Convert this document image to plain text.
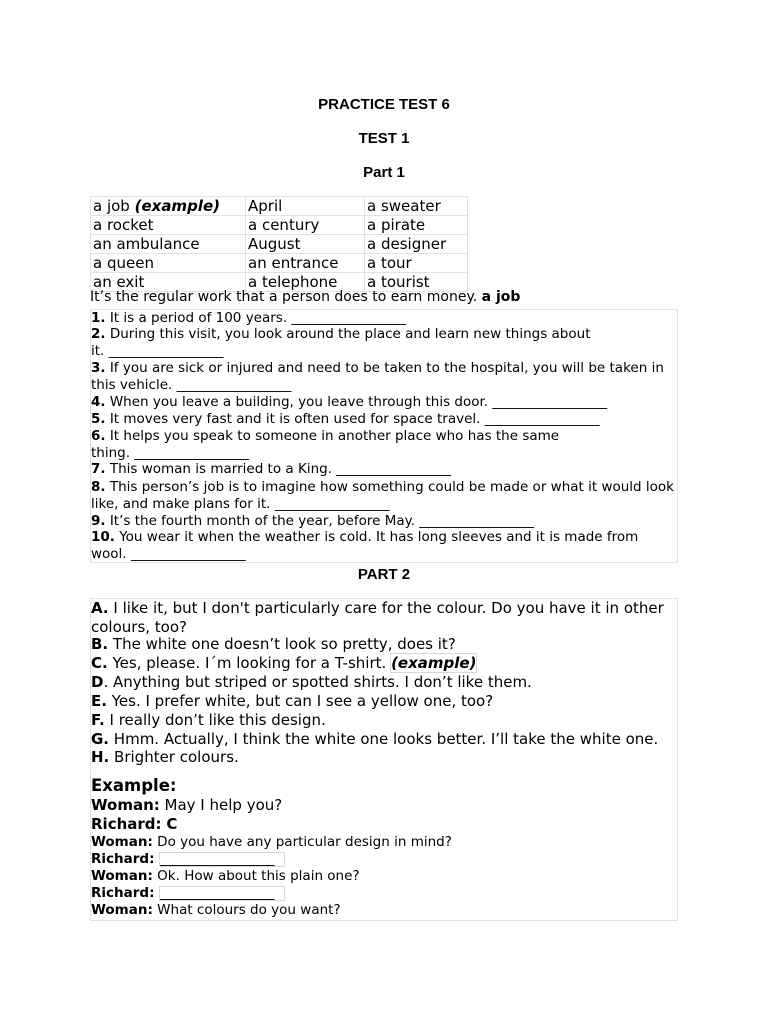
PRACTICE TEST 6
TEST 1
Part 1
a job (example)	April	a sweater
a rocket	a century	a pirate
an ambulance	August	a designer
a queen	an entrance	a tour
an exit	a telephone	a tourist
It’s the regular work that a person does to earn money. a job
1. It is a period of 100 years. _________________
2. During this visit, you look around the place and learn new things about
it. _________________
3. If you are sick or injured and need to be taken to the hospital, you will be taken in this vehicle. _________________
4. When you leave a building, you leave through this door. _________________
5. It moves very fast and it is often used for space travel. _________________
6. It helps you speak to someone in another place who has the same
thing. _________________
7. This woman is married to a King. _________________
8. This person’s job is to imagine how something could be made or what it would look like, and make plans for it. _________________
9. It’s the fourth month of the year, before May. _________________
10. You wear it when the weather is cold. It has long sleeves and it is made from wool. _________________
PART 2
A. I like it, but I don't particularly care for the colour. Do you have it in other colours, too?
B. The white one doesn’t look so pretty, does it?
C. Yes, please. I´m looking for a T-shirt. (example)
D. Anything but striped or spotted shirts. I don’t like them.
E. Yes. I prefer white, but can I see a yellow one, too?
F. I really don’t like this design.
G. Hmm. Actually, I think the white one looks better. I’ll take the white one.
H. Brighter colours.
Example:
Woman: May I help you?
Richard: C
Woman: Do you have any particular design in mind?
Richard: _________________
Woman: Ok. How about this plain one?
Richard: _________________
Woman: What colours do you want?
